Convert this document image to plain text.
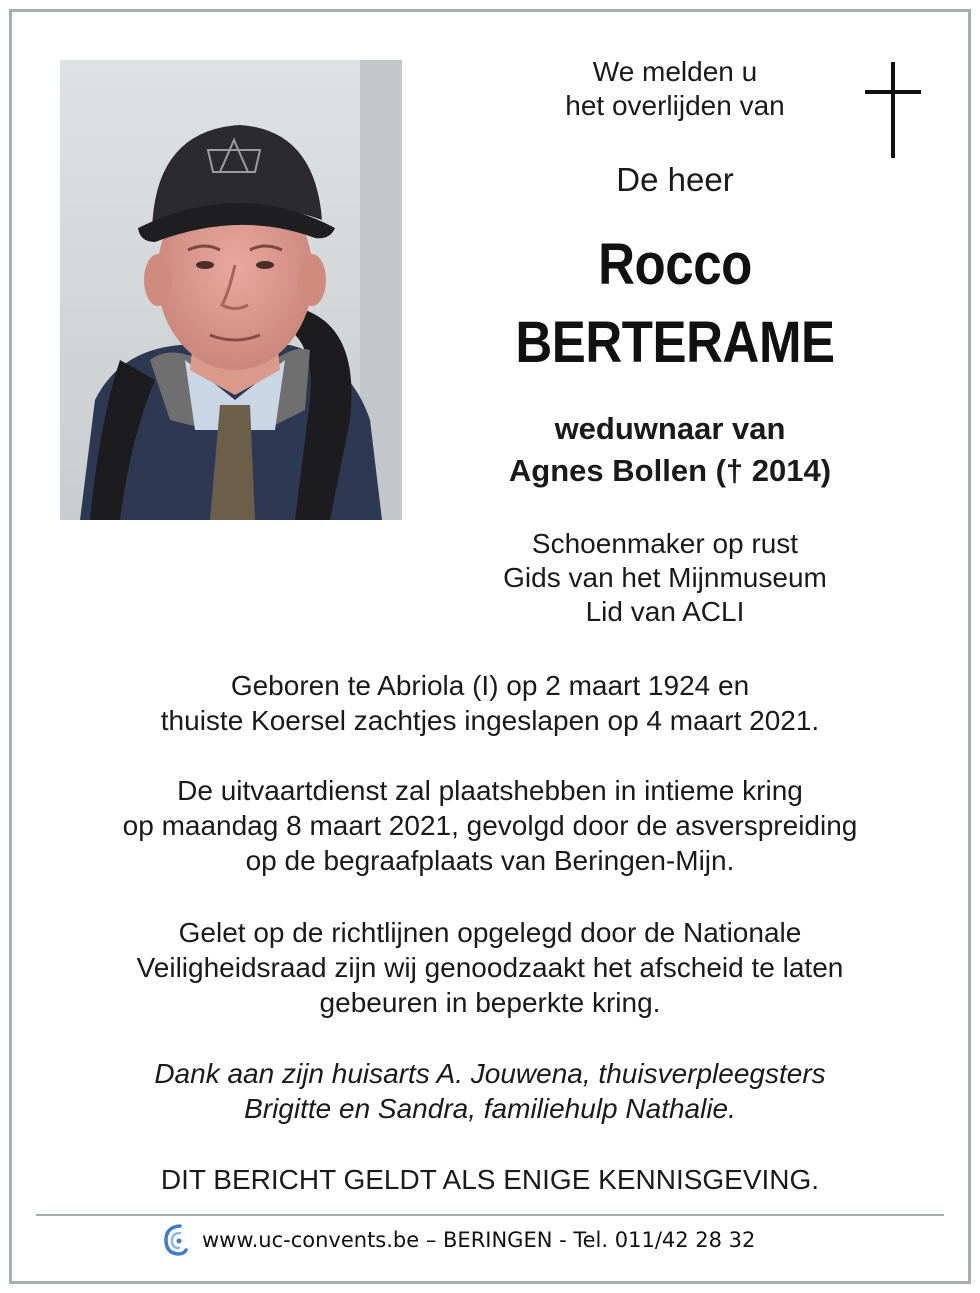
We melden u
het overlijden van
De heer
Rocco
BERTERAME
weduwnaar van
Agnes Bollen († 2014)
Schoenmaker op rust
Gids van het Mijnmuseum
Lid van ACLI
Geboren te Abriola (I) op 2 maart 1924 en
thuiste Koersel zachtjes ingeslapen op 4 maart 2021.
De uitvaartdienst zal plaatshebben in intieme kring
op maandag 8 maart 2021, gevolgd door de asverspreiding
op de begraafplaats van Beringen-Mijn.
Gelet op de richtlijnen opgelegd door de Nationale
Veiligheidsraad zijn wij genoodzaakt het afscheid te laten
gebeuren in beperkte kring.
Dank aan zijn huisarts A. Jouwena, thuisverpleegsters
Brigitte en Sandra, familiehulp Nathalie.
DIT BERICHT GELDT ALS ENIGE KENNISGEVING.
www.uc-convents.be – BERINGEN - Tel. 011/42 28 32
